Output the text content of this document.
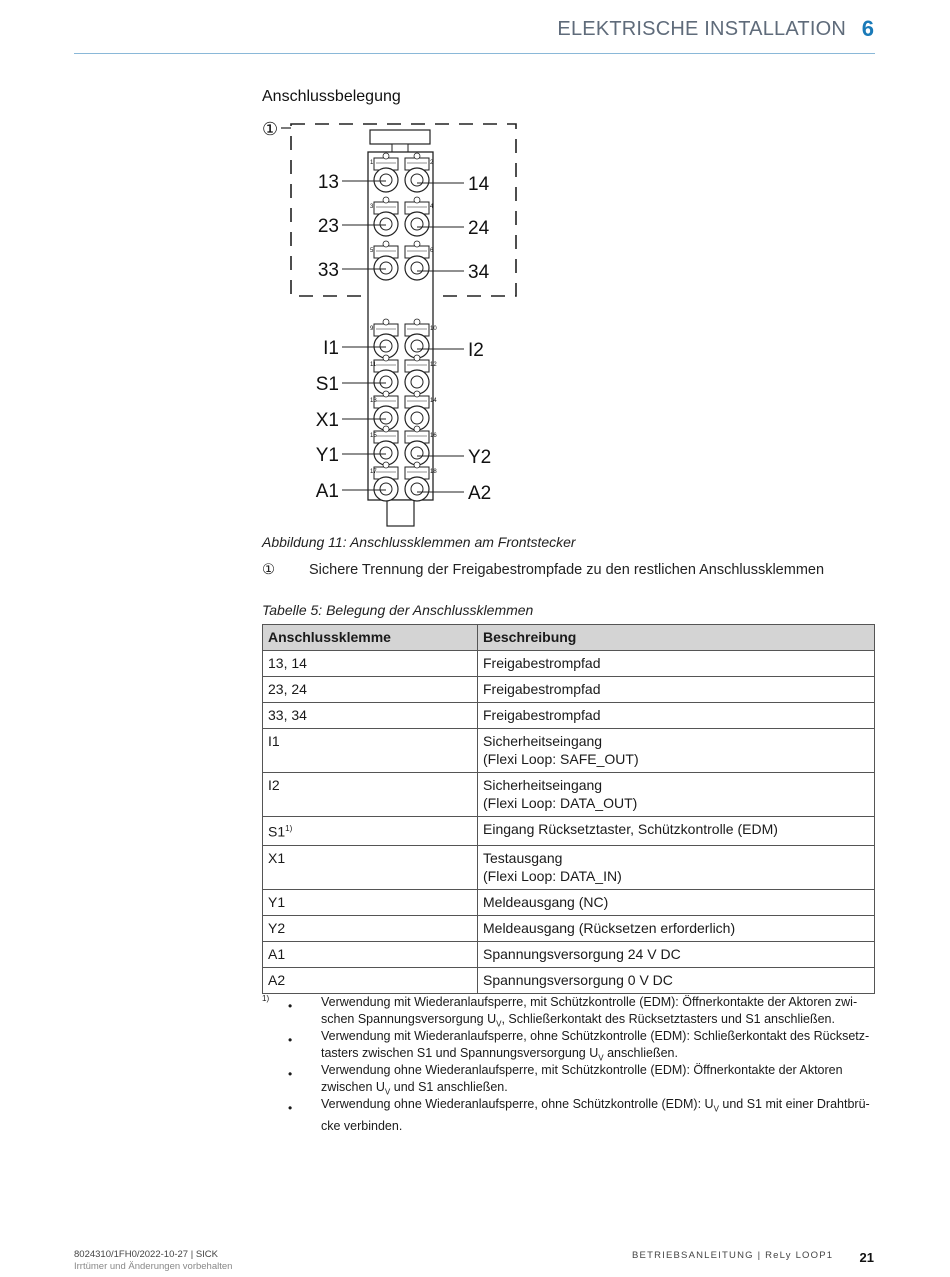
ELEKTRISCHE INSTALLATION 6
Anschlussbelegung
①
1	2
3	4
5	6
9	10
11	12
13	14
15	16
17	18
13
23
33
I1
S1
X1
Y1
A1
14
24
34
I2
Y2
A2
Abbildung 11: Anschlussklemmen am Frontstecker
①	Sichere Trennung der Freigabestrompfade zu den restlichen Anschlussklemmen
Tabelle 5: Belegung der Anschlussklemmen
Anschlussklemme	Beschreibung
13, 14	Freigabestrompfad

23, 24	Freigabestrompfad

33, 34	Freigabestrompfad

I1	Sicherheitseingang
(Flexi Loop: SAFE_OUT)

I2	Sicherheitseingang
(Flexi Loop: DATA_OUT)

S1$^{1)}$	Eingang Rücksetztaster, Schützkontrolle (EDM)

X1	Testausgang
(Flexi Loop: DATA_IN)

Y1	Meldeausgang (NC)

Y2	Meldeausgang (Rücksetzen erforderlich)

A1	Spannungsversorgung 24 V DC

A2	Spannungsversorgung 0 V DC
1)
• Verwendung mit Wiederanlaufsperre, mit Schützkontrolle (EDM): Öffnerkontakte der Aktoren zwi-
schen Spannungsversorgung $U_V$, Schließerkontakt des Rücksetztasters und S1 anschließen.
• Verwendung mit Wiederanlaufsperre, ohne Schützkontrolle (EDM): Schließerkontakt des Rücksetz-
tasters zwischen S1 und Spannungsversorgung $U_V$ anschließen.
• Verwendung ohne Wiederanlaufsperre, mit Schützkontrolle (EDM): Öffnerkontakte der Aktoren
zwischen $U_V$ und S1 anschließen.
• Verwendung ohne Wiederanlaufsperre, ohne Schützkontrolle (EDM): $U_V$ und S1 mit einer Drahtbrü-
cke verbinden.
8024310/1FH0/2022-10-27 | SICK
Irrtümer und Änderungen vorbehalten
BETRIEBSANLEITUNG | ReLy LOOP1 21
